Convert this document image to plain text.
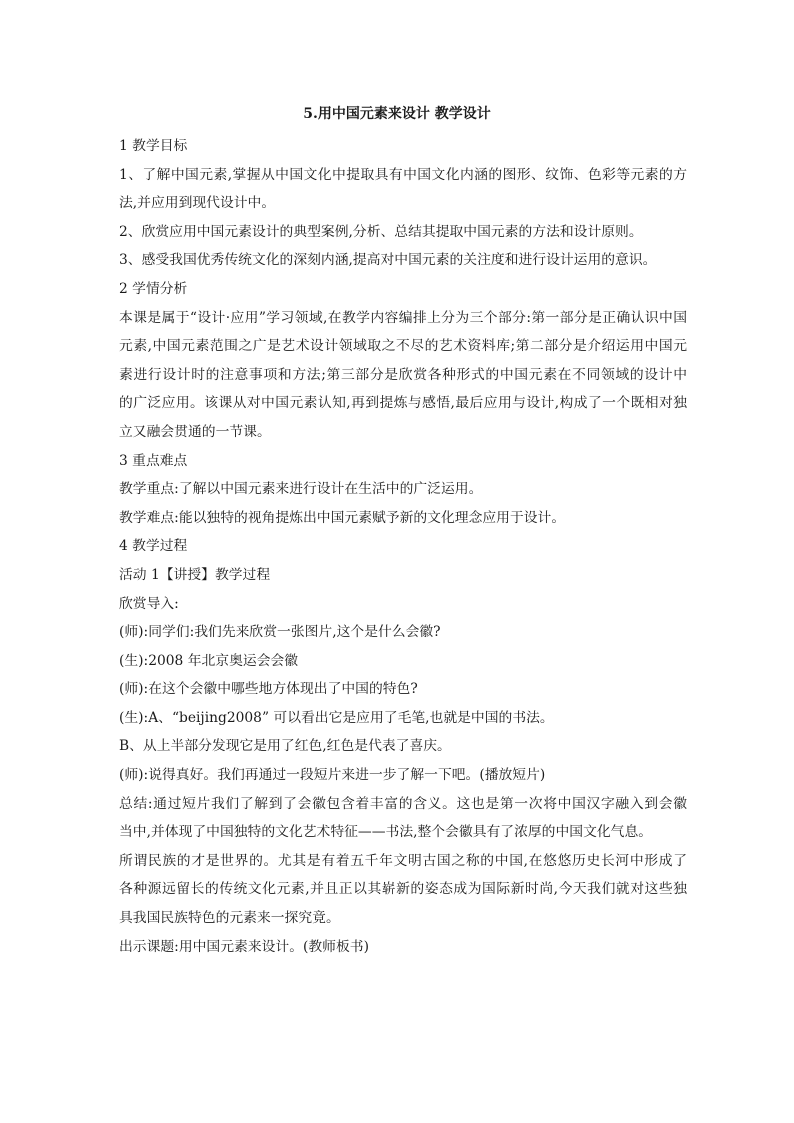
5.用中国元素来设计 教学设计

1 教学目标

1、了解中国元素,掌握从中国文化中提取具有中国文化内涵的图形、纹饰、色彩等元素的方

法,并应用到现代设计中。

2、欣赏应用中国元素设计的典型案例,分析、总结其提取中国元素的方法和设计原则。

3、感受我国优秀传统文化的深刻内涵,提高对中国元素的关注度和进行设计运用的意识。

2 学情分析

本课是属于“设计·应用”学习领域,在教学内容编排上分为三个部分:第一部分是正确认识中国

元素,中国元素范围之广是艺术设计领域取之不尽的艺术资料库;第二部分是介绍运用中国元

素进行设计时的注意事项和方法;第三部分是欣赏各种形式的中国元素在不同领域的设计中

的广泛应用。该课从对中国元素认知,再到提炼与感悟,最后应用与设计,构成了一个既相对独

立又融会贯通的一节课。

3 重点难点

教学重点:了解以中国元素来进行设计在生活中的广泛运用。

教学难点:能以独特的视角提炼出中国元素赋予新的文化理念应用于设计。

4 教学过程

活动 1【讲授】教学过程

欣赏导入:

(师):同学们:我们先来欣赏一张图片,这个是什么会徽?

(生):2008 年北京奥运会会徽

(师):在这个会徽中哪些地方体现出了中国的特色?

(生):A、“beijing2008” 可以看出它是应用了毛笔,也就是中国的书法。

B、从上半部分发现它是用了红色,红色是代表了喜庆。

(师):说得真好。我们再通过一段短片来进一步了解一下吧。(播放短片)

总结:通过短片我们了解到了会徽包含着丰富的含义。这也是第一次将中国汉字融入到会徽

当中,并体现了中国独特的文化艺术特征——书法,整个会徽具有了浓厚的中国文化气息。

所谓民族的才是世界的。尤其是有着五千年文明古国之称的中国,在悠悠历史长河中形成了

各种源远留长的传统文化元素,并且正以其崭新的姿态成为国际新时尚,今天我们就对这些独

具我国民族特色的元素来一探究竟。

出示课题:用中国元素来设计。(教师板书)
